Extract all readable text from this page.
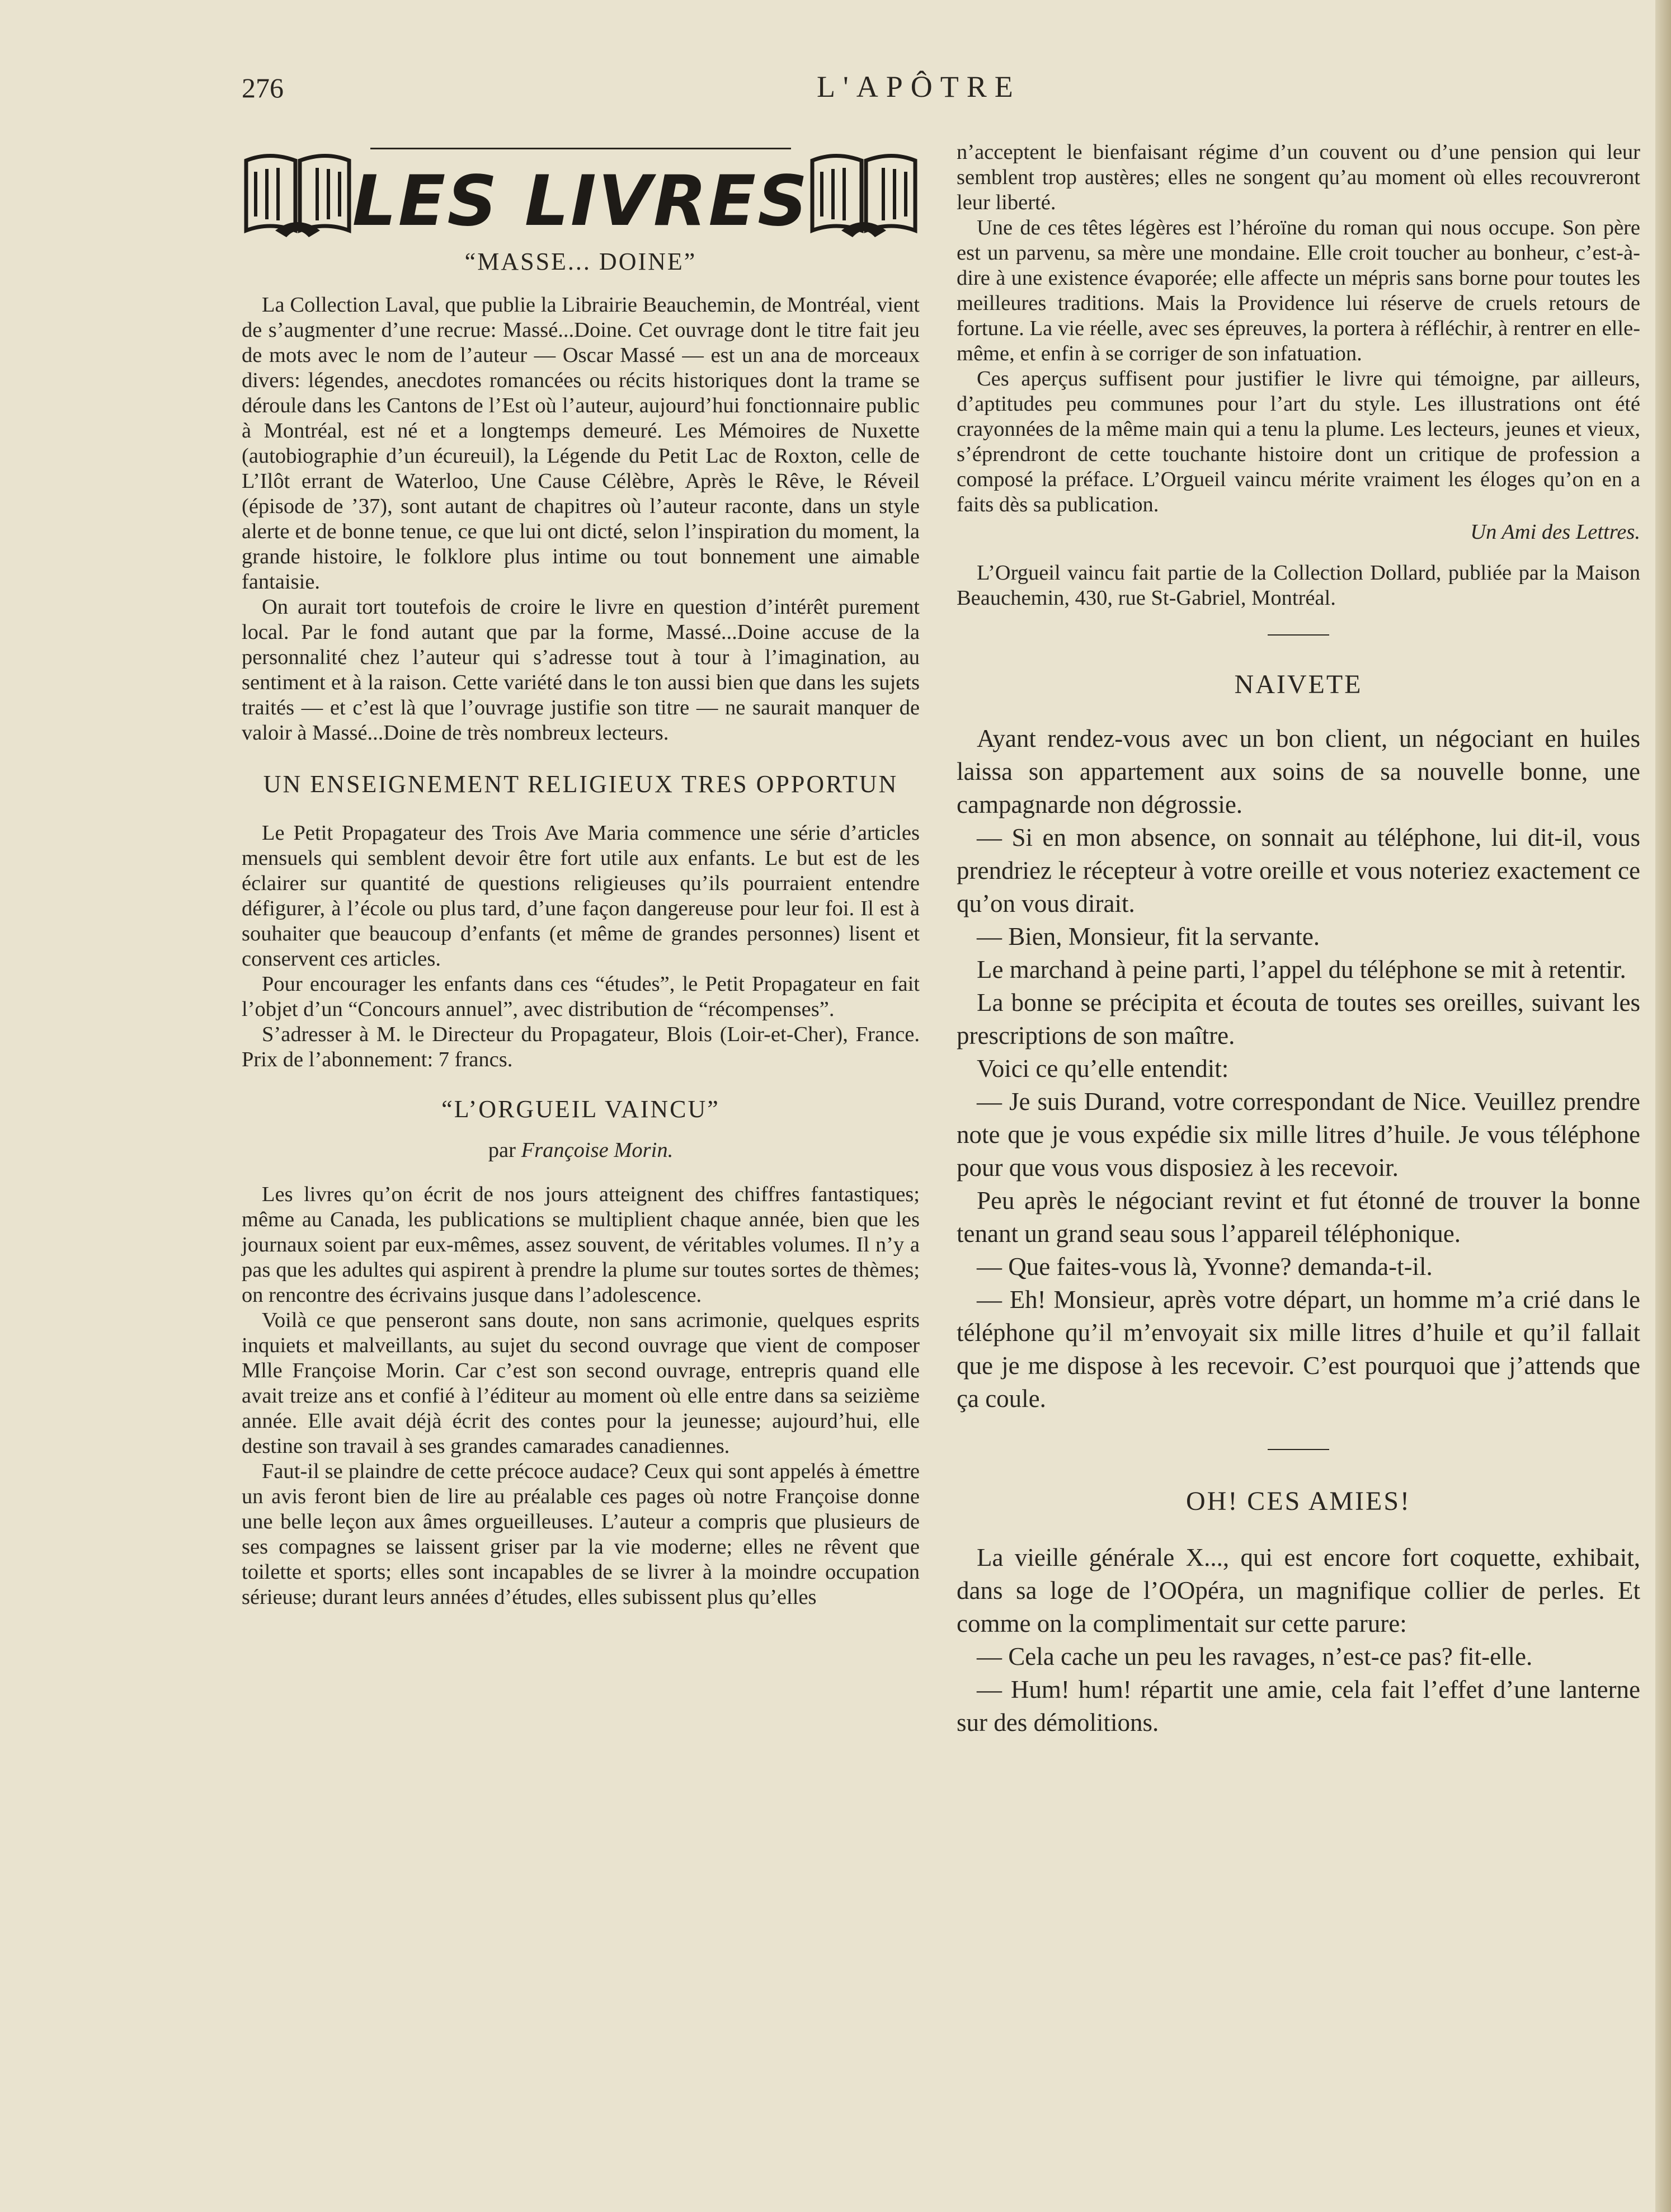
276	L'APÔTRE
LES LIVRES

“MASSE... DOINE”

La Collection Laval, que publie la Librairie Beauchemin, de Montréal, vient de s’augmenter d’une recrue: Massé...Doine. Cet ouvrage dont le titre fait jeu de mots avec le nom de l’auteur — Oscar Massé — est un ana de morceaux divers: légendes, anecdotes romancées ou récits historiques dont la trame se déroule dans les Cantons de l’Est où l’auteur, aujourd’hui fonctionnaire public à Montréal, est né et a longtemps demeuré. Les Mémoires de Nuxette (autobiographie d’un écureuil), la Légende du Petit Lac de Roxton, celle de L’Ilôt errant de Waterloo, Une Cause Célèbre, Après le Rêve, le Réveil (épisode de ’37), sont autant de chapitres où l’auteur raconte, dans un style alerte et de bonne tenue, ce que lui ont dicté, selon l’inspiration du moment, la grande histoire, le folklore plus intime ou tout bonnement une aimable fantaisie.

On aurait tort toutefois de croire le livre en question d’intérêt purement local. Par le fond autant que par la forme, Massé...Doine accuse de la personnalité chez l’auteur qui s’adresse tout à tour à l’imagination, au sentiment et à la raison. Cette variété dans le ton aussi bien que dans les sujets traités — et c’est là que l’ouvrage justifie son titre — ne saurait manquer de valoir à Massé...Doine de très nombreux lecteurs.

UN ENSEIGNEMENT RELIGIEUX TRES OPPORTUN

Le Petit Propagateur des Trois Ave Maria commence une série d’articles mensuels qui semblent devoir être fort utile aux enfants. Le but est de les éclairer sur quantité de questions religieuses qu’ils pourraient entendre défigurer, à l’école ou plus tard, d’une façon dangereuse pour leur foi. Il est à souhaiter que beaucoup d’enfants (et même de grandes personnes) lisent et conservent ces articles.

Pour encourager les enfants dans ces “études”, le Petit Propagateur en fait l’objet d’un “Concours annuel”, avec distribution de “récompenses”.

S’adresser à M. le Directeur du Propagateur, Blois (Loir-et-Cher), France. Prix de l’abonnement: 7 francs.

“L’ORGUEIL VAINCU”

par Françoise Morin.

Les livres qu’on écrit de nos jours atteignent des chiffres fantastiques; même au Canada, les publications se multiplient chaque année, bien que les journaux soient par eux-mêmes, assez souvent, de véritables volumes. Il n’y a pas que les adultes qui aspirent à prendre la plume sur toutes sortes de thèmes; on rencontre des écrivains jusque dans l’adolescence.

Voilà ce que penseront sans doute, non sans acrimonie, quelques esprits inquiets et malveillants, au sujet du second ouvrage que vient de composer Mlle Françoise Morin. Car c’est son second ouvrage, entrepris quand elle avait treize ans et confié à l’éditeur au moment où elle entre dans sa seizième année. Elle avait déjà écrit des contes pour la jeunesse; aujourd’hui, elle destine son travail à ses grandes camarades canadiennes.

Faut-il se plaindre de cette précoce audace? Ceux qui sont appelés à émettre un avis feront bien de lire au préalable ces pages où notre Françoise donne une belle leçon aux âmes orgueilleuses. L’auteur a compris que plusieurs de ses compagnes se laissent griser par la vie moderne; elles ne rêvent que toilette et sports; elles sont incapables de se livrer à la moindre occupation sérieuse; durant leurs années d’études, elles subissent plus qu’elles

n’acceptent le bienfaisant régime d’un couvent ou d’une pension qui leur semblent trop austères; elles ne songent qu’au moment où elles recouvreront leur liberté.

Une de ces têtes légères est l’héroïne du roman qui nous occupe. Son père est un parvenu, sa mère une mondaine. Elle croit toucher au bonheur, c’est-à-dire à une existence évaporée; elle affecte un mépris sans borne pour toutes les meilleures traditions. Mais la Providence lui réserve de cruels retours de fortune. La vie réelle, avec ses épreuves, la portera à réfléchir, à rentrer en elle-même, et enfin à se corriger de son infatuation.

Ces aperçus suffisent pour justifier le livre qui témoigne, par ailleurs, d’aptitudes peu communes pour l’art du style. Les illustrations ont été crayonnées de la même main qui a tenu la plume. Les lecteurs, jeunes et vieux, s’éprendront de cette touchante histoire dont un critique de profession a composé la préface. L’Orgueil vaincu mérite vraiment les éloges qu’on en a faits dès sa publication.

Un Ami des Lettres.

L’Orgueil vaincu fait partie de la Collection Dollard, publiée par la Maison Beauchemin, 430, rue St-Gabriel, Montréal.

NAIVETE

Ayant rendez-vous avec un bon client, un négociant en huiles laissa son appartement aux soins de sa nouvelle bonne, une campagnarde non dégrossie.

— Si en mon absence, on sonnait au téléphone, lui dit-il, vous prendriez le récepteur à votre oreille et vous noteriez exactement ce qu’on vous dirait.

— Bien, Monsieur, fit la servante.

Le marchand à peine parti, l’appel du téléphone se mit à retentir.

La bonne se précipita et écouta de toutes ses oreilles, suivant les prescriptions de son maître.

Voici ce qu’elle entendit:

— Je suis Durand, votre correspondant de Nice. Veuillez prendre note que je vous expédie six mille litres d’huile. Je vous téléphone pour que vous vous disposiez à les recevoir.

Peu après le négociant revint et fut étonné de trouver la bonne tenant un grand seau sous l’appareil téléphonique.

— Que faites-vous là, Yvonne? demanda-t-il.

— Eh! Monsieur, après votre départ, un homme m’a crié dans le téléphone qu’il m’envoyait six mille litres d’huile et qu’il fallait que je me dispose à les recevoir. C’est pourquoi que j’attends que ça coule.

OH! CES AMIES!

La vieille générale X..., qui est encore fort coquette, exhibait, dans sa loge de l’OOpéra, un magnifique collier de perles. Et comme on la complimentait sur cette parure:

— Cela cache un peu les ravages, n’est-ce pas? fit-elle.

— Hum! hum! répartit une amie, cela fait l’effet d’une lanterne sur des démolitions.
